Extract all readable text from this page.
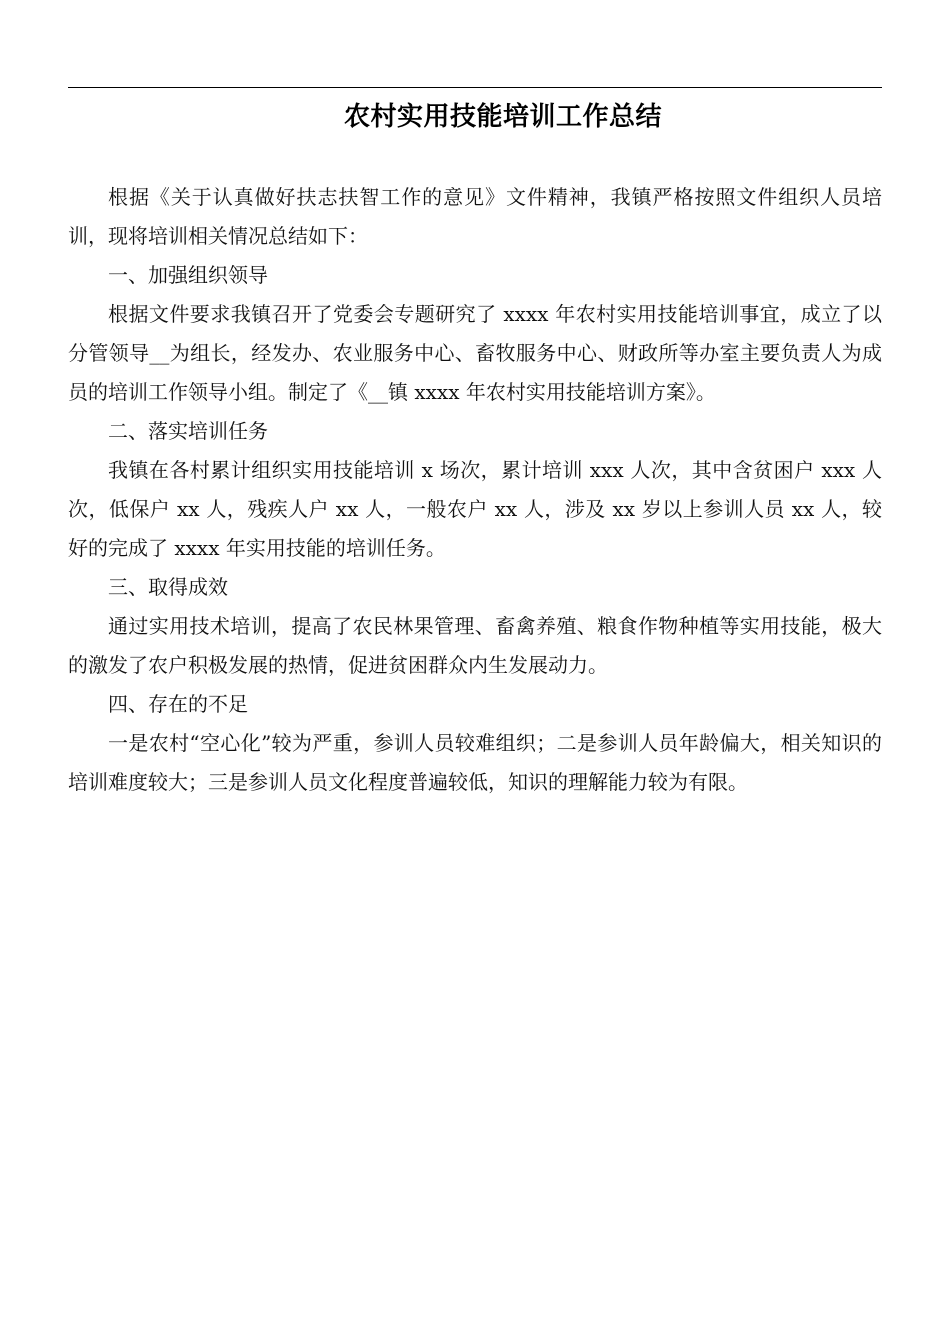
农村实用技能培训工作总结

根据《关于认真做好扶志扶智工作的意见》文件精神，我镇严格按照文件组织人员培训，现将培训相关情况总结如下：

一、加强组织领导

根据文件要求我镇召开了党委会专题研究了 xxxx 年农村实用技能培训事宜，成立了以分管领导__为组长，经发办、农业服务中心、畜牧服务中心、财政所等办室主要负责人为成员的培训工作领导小组。制定了《__镇 xxxx 年农村实用技能培训方案》。

二、落实培训任务

我镇在各村累计组织实用技能培训 x 场次，累计培训 xxx 人次，其中含贫困户 xxx 人次，低保户 xx 人，残疾人户 xx 人，一般农户 xx 人，涉及 xx 岁以上参训人员 xx 人，较好的完成了 xxxx 年实用技能的培训任务。

三、取得成效

通过实用技术培训，提高了农民林果管理、畜禽养殖、粮食作物种植等实用技能，极大的激发了农户积极发展的热情，促进贫困群众内生发展动力。

四、存在的不足

一是农村“空心化”较为严重，参训人员较难组织；二是参训人员年龄偏大，相关知识的培训难度较大；三是参训人员文化程度普遍较低，知识的理解能力较为有限。
